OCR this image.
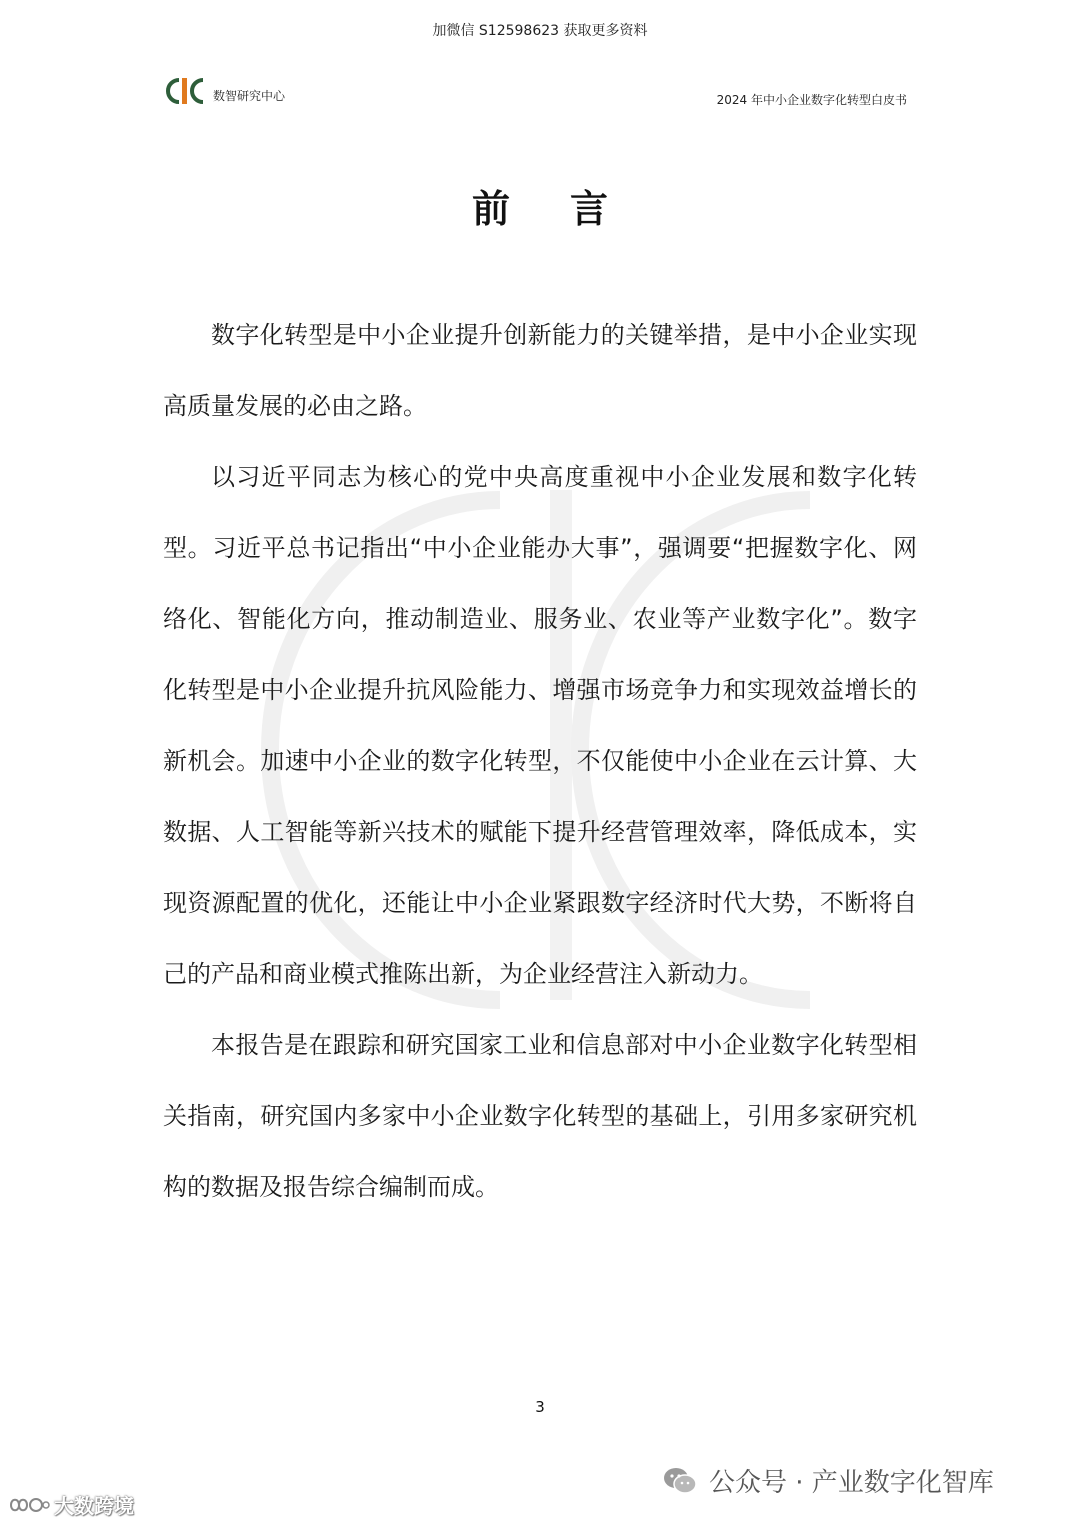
加微信 S12598623 获取更多资料
数智研究中心	2024 年中小企业数字化转型白皮书
前言

数字化转型是中小企业提升创新能力的关键举措，是中小企业实现高质量发展的必由之路。

以习近平同志为核心的党中央高度重视中小企业发展和数字化转型。习近平总书记指出“中小企业能办大事”，强调要“把握数字化、网络化、智能化方向，推动制造业、服务业、农业等产业数字化”。数字化转型是中小企业提升抗风险能力、增强市场竞争力和实现效益增长的新机会。加速中小企业的数字化转型，不仅能使中小企业在云计算、大数据、人工智能等新兴技术的赋能下提升经营管理效率，降低成本，实现资源配置的优化，还能让中小企业紧跟数字经济时代大势，不断将自己的产品和商业模式推陈出新，为企业经营注入新动力。

本报告是在跟踪和研究国家工业和信息部对中小企业数字化转型相关指南，研究国内多家中小企业数字化转型的基础上，引用多家研究机构的数据及报告综合编制而成。

3
公众号 · 产业数字化智库
大数跨境
